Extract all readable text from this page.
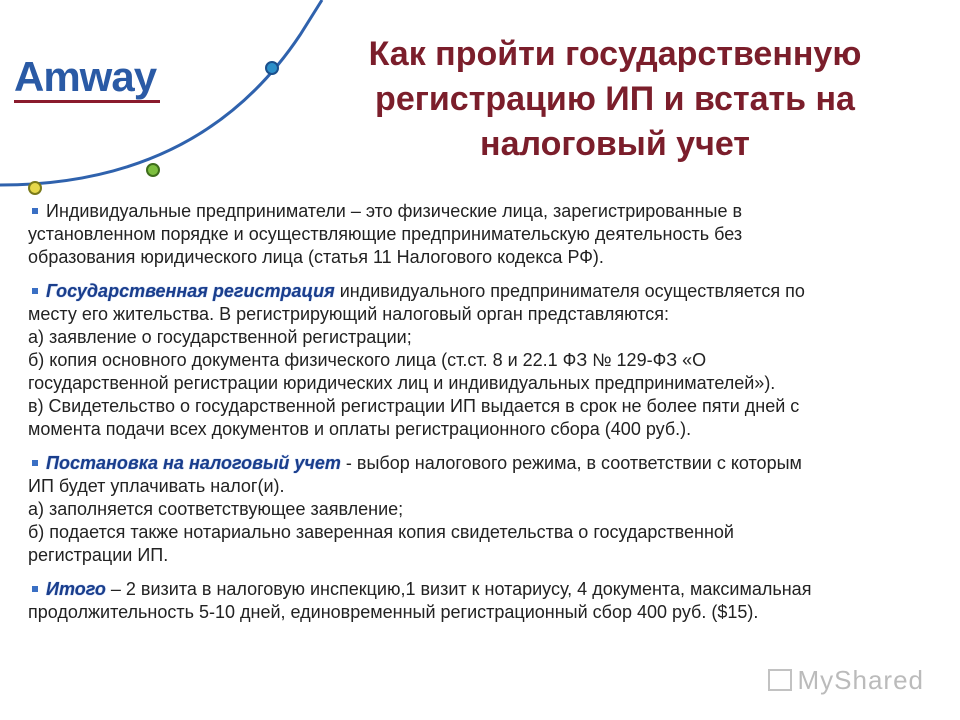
Amway	Как пройти государственную
регистрацию ИП и встать на
налоговый учет

Индивидуальные предприниматели – это физические лица, зарегистрированные в

установленном порядке и осуществляющие предпринимательскую деятельность без

образования юридического лица (статья 11 Налогового кодекса РФ).

Государственная регистрация индивидуального предпринимателя осуществляется по

месту его жительства. В регистрирующий налоговый орган представляются:

а) заявление о государственной регистрации;

б) копия основного документа физического лица (ст.ст. 8 и 22.1 ФЗ № 129-ФЗ «О

государственной регистрации юридических лиц и индивидуальных предпринимателей»).

в) Свидетельство о государственной регистрации ИП выдается в срок не более пяти дней с

момента подачи всех документов и оплаты регистрационного сбора (400 руб.).

Постановка на налоговый учет - выбор налогового режима, в соответствии с которым

ИП будет уплачивать налог(и).

а) заполняется соответствующее заявление;

б) подается также нотариально заверенная копия свидетельства о государственной

регистрации ИП.

Итого – 2 визита в налоговую инспекцию,1 визит к нотариусу, 4 документа, максимальная

продолжительность 5-10 дней, единовременный регистрационный сбор 400 руб. ($15).

MyShared
